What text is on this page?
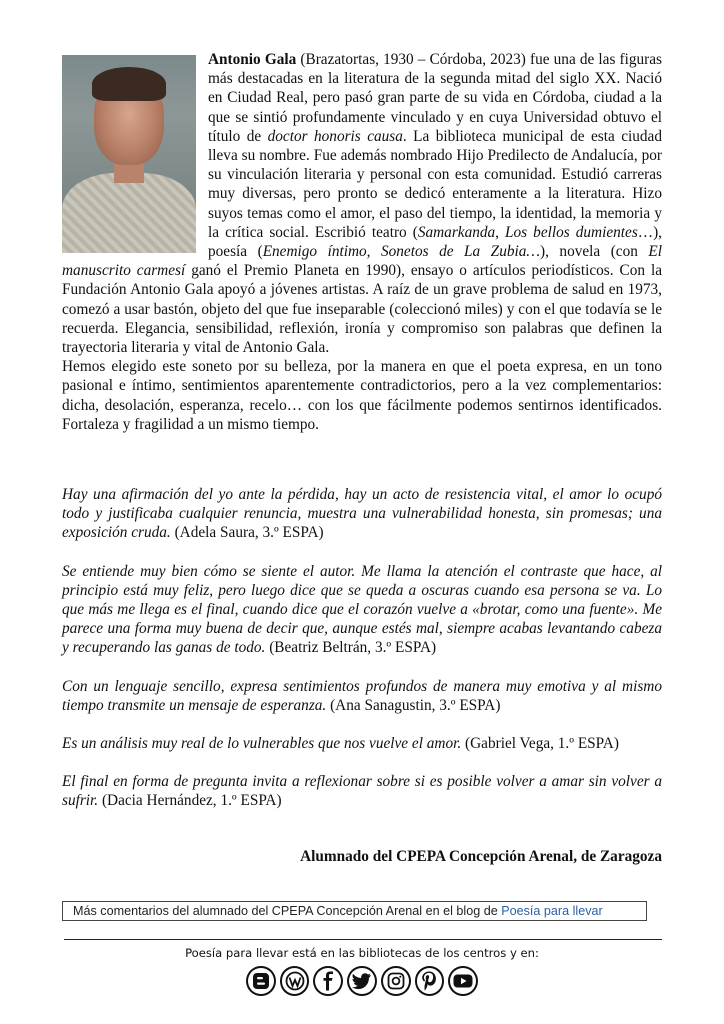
Antonio Gala (Brazatortas, 1930 – Córdoba, 2023) fue una de las figuras más destacadas en la literatura de la segunda mitad del siglo XX. Nació en Ciudad Real, pero pasó gran parte de su vida en Córdoba, ciudad a la que se sintió profundamente vinculado y en cuya Universidad obtuvo el título de doctor honoris causa. La biblioteca municipal de esta ciudad lleva su nombre. Fue además nombrado Hijo Predilecto de Andalucía, por su vinculación literaria y personal con esta comunidad. Estudió carreras muy diversas, pero pronto se dedicó enteramente a la literatura. Hizo suyos temas como el amor, el paso del tiempo, la identidad, la memoria y la crítica social. Escribió teatro (Samarkanda, Los bellos dumientes…), poesía (Enemigo íntimo, Sonetos de La Zubia…), novela (con El manuscrito carmesí ganó el Premio Planeta en 1990), ensayo o artículos periodísticos. Con la Fundación Antonio Gala apoyó a jóvenes artistas. A raíz de un grave problema de salud en 1973, comezó a usar bastón, objeto del que fue inseparable (coleccionó miles) y con el que todavía se le recuerda. Elegancia, sensibilidad, reflexión, ironía y compromiso son palabras que definen la trayectoria literaria y vital de Antonio Gala.

Hemos elegido este soneto por su belleza, por la manera en que el poeta expresa, en un tono pasional e íntimo, sentimientos aparentemente contradictorios, pero a la vez complementarios: dicha, desolación, esperanza, recelo… con los que fácilmente podemos sentirnos identificados. Fortaleza y fragilidad a un mismo tiempo.

Hay una afirmación del yo ante la pérdida, hay un acto de resistencia vital, el amor lo ocupó todo y justificaba cualquier renuncia, muestra una vulnerabilidad honesta, sin promesas; una exposición cruda. (Adela Saura, 3.º ESPA)

Se entiende muy bien cómo se siente el autor. Me llama la atención el contraste que hace, al principio está muy feliz, pero luego dice que se queda a oscuras cuando esa persona se va. Lo que más me llega es el final, cuando dice que el corazón vuelve a «brotar, como una fuente». Me parece una forma muy buena de decir que, aunque estés mal, siempre acabas levantando cabeza y recuperando las ganas de todo. (Beatriz Beltrán, 3.º ESPA)

Con un lenguaje sencillo, expresa sentimientos profundos de manera muy emotiva y al mismo tiempo transmite un mensaje de esperanza. (Ana Sanagustin, 3.º ESPA)

Es un análisis muy real de lo vulnerables que nos vuelve el amor. (Gabriel Vega, 1.º ESPA)

El final en forma de pregunta invita a reflexionar sobre si es posible volver a amar sin volver a sufrir. (Dacia Hernández, 1.º ESPA)

Alumnado del CPEPA Concepción Arenal, de Zaragoza
Más comentarios del alumnado del CPEPA Concepción Arenal en el blog de Poesía para llevar
Poesía para llevar está en las bibliotecas de los centros y en:
